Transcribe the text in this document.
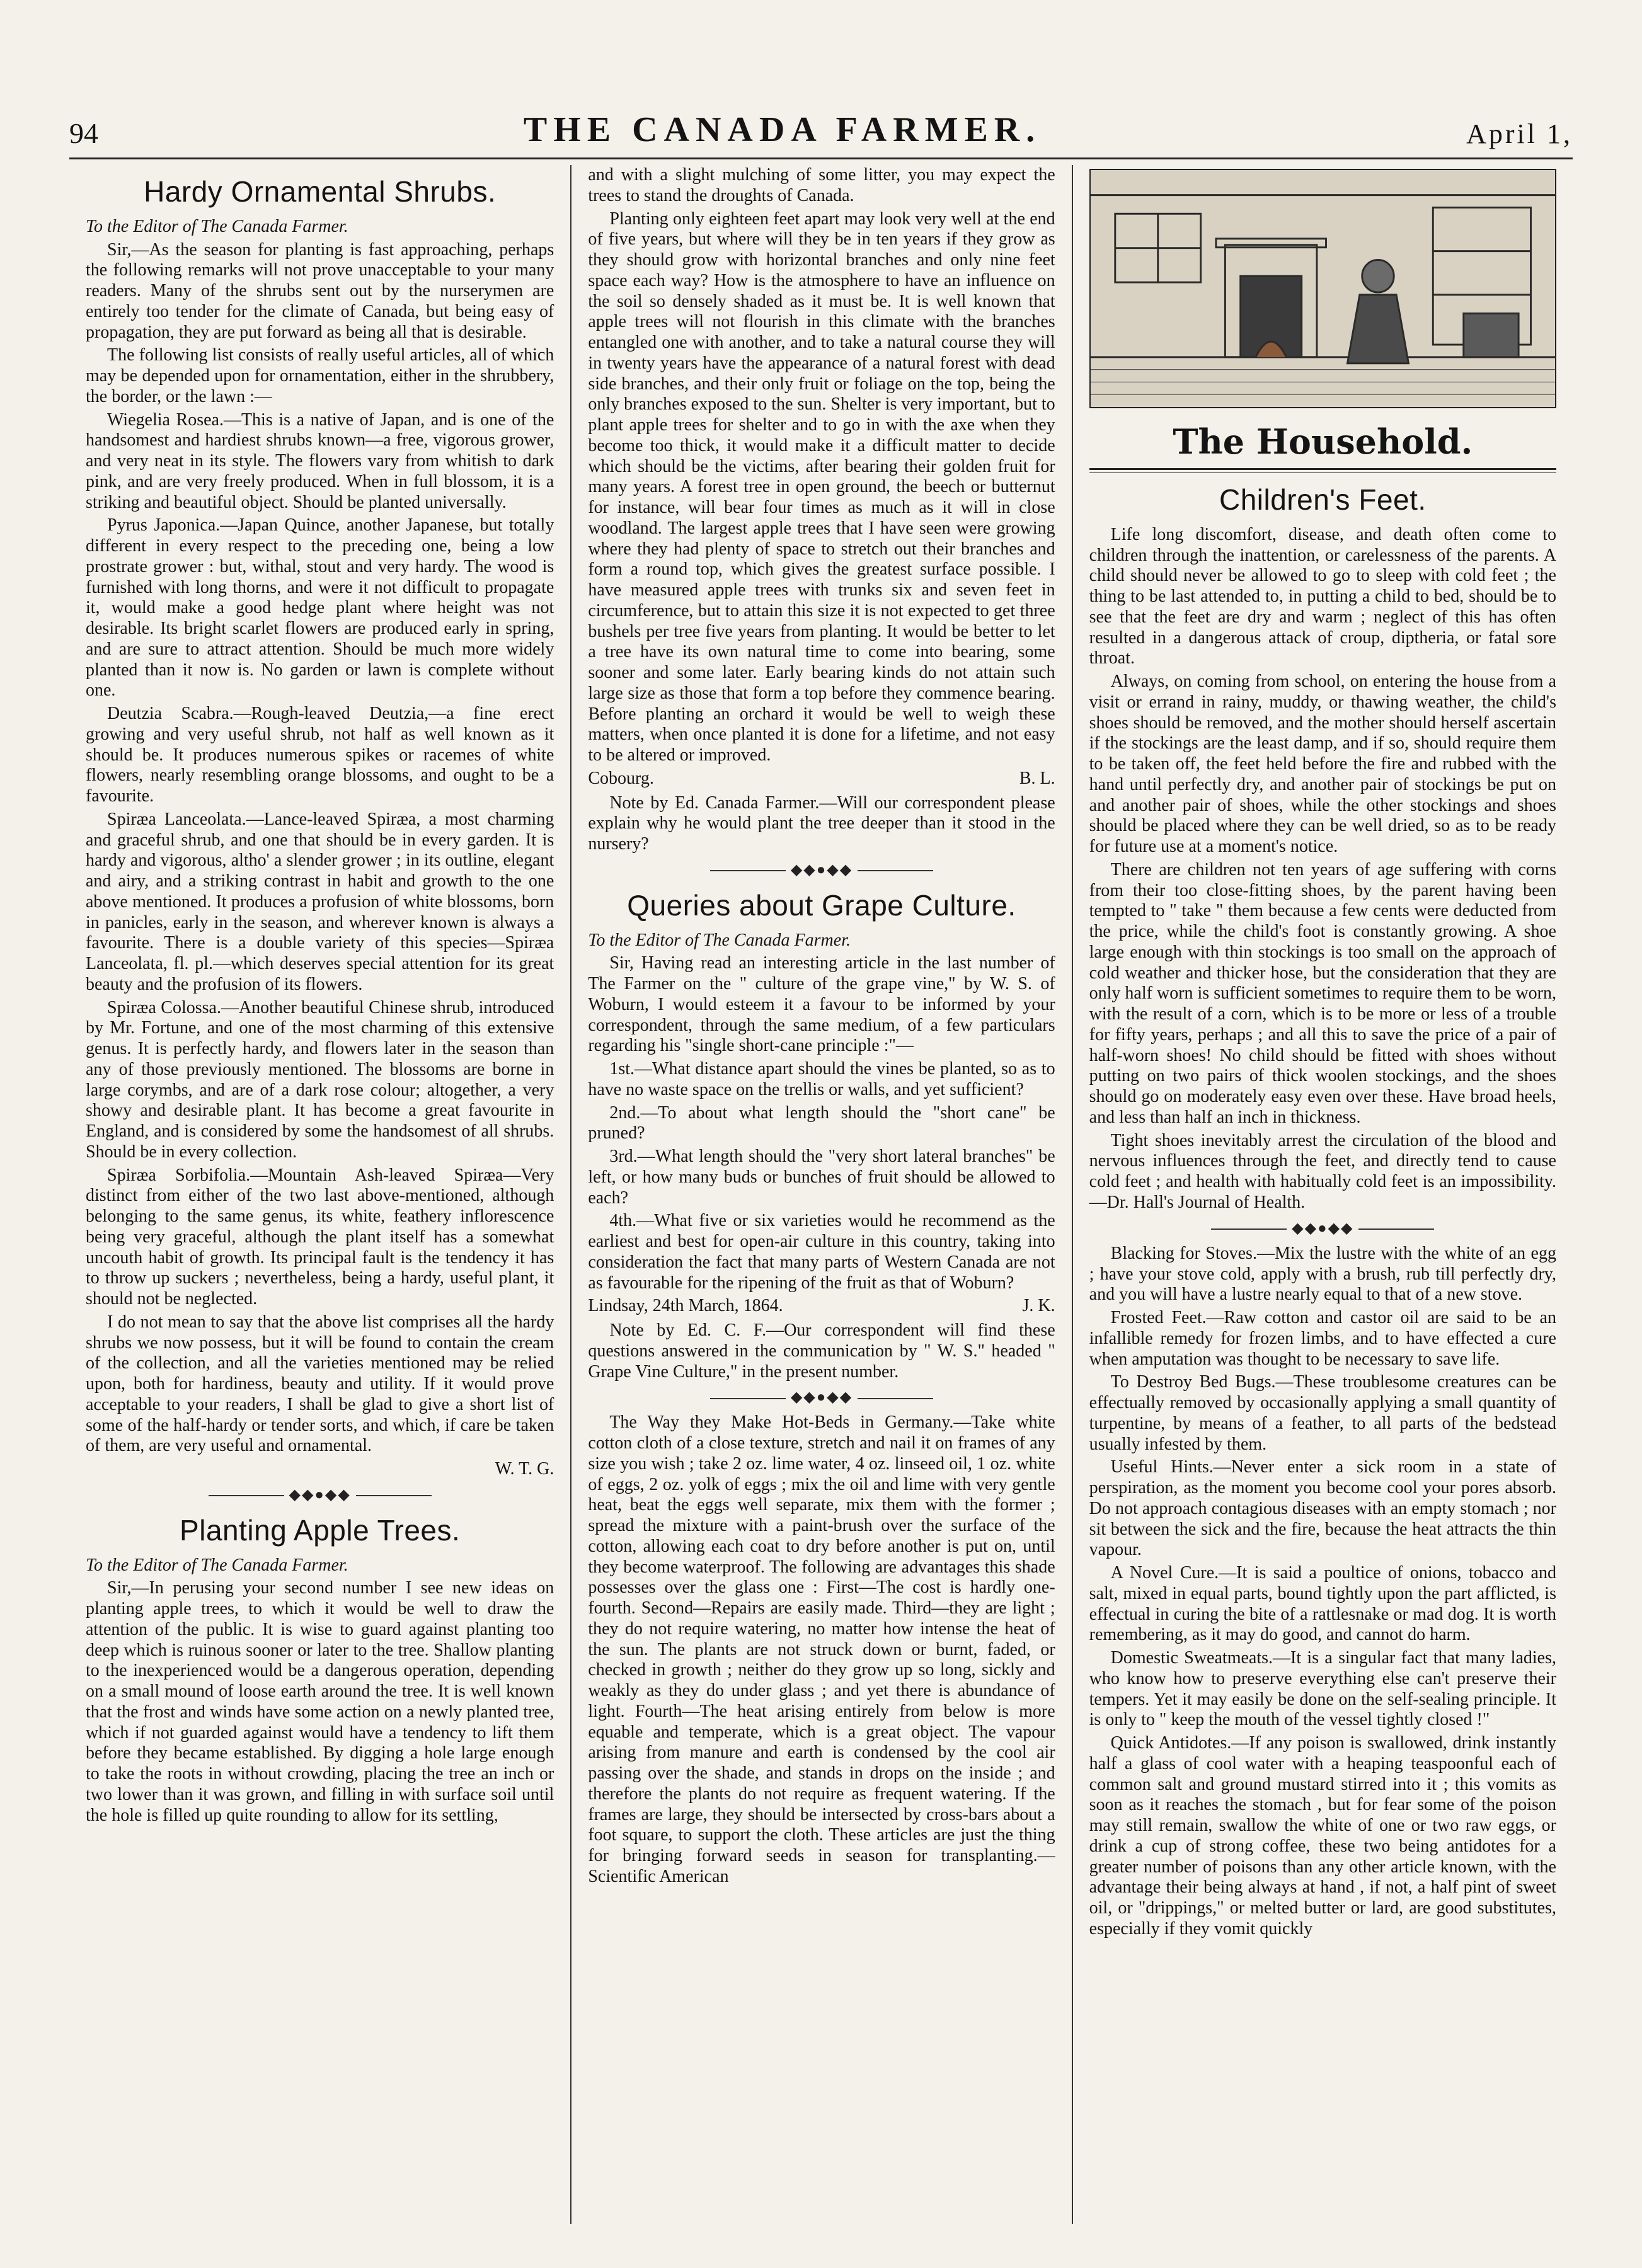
94	THE CANADA FARMER.	April 1,
Hardy Ornamental Shrubs.

To the Editor of The Canada Farmer.

Sir,—As the season for planting is fast approaching, perhaps the following remarks will not prove unacceptable to your many readers. Many of the shrubs sent out by the nurserymen are entirely too tender for the climate of Canada, but being easy of propagation, they are put forward as being all that is desirable.

The following list consists of really useful articles, all of which may be depended upon for ornamentation, either in the shrubbery, the border, or the lawn :—

Wiegelia Rosea.—This is a native of Japan, and is one of the handsomest and hardiest shrubs known—a free, vigorous grower, and very neat in its style. The flowers vary from whitish to dark pink, and are very freely produced. When in full blossom, it is a striking and beautiful object. Should be planted universally.

Pyrus Japonica.—Japan Quince, another Japanese, but totally different in every respect to the preceding one, being a low prostrate grower : but, withal, stout and very hardy. The wood is furnished with long thorns, and were it not difficult to propagate it, would make a good hedge plant where height was not desirable. Its bright scarlet flowers are produced early in spring, and are sure to attract attention. Should be much more widely planted than it now is. No garden or lawn is complete without one.

Deutzia Scabra.—Rough-leaved Deutzia,—a fine erect growing and very useful shrub, not half as well known as it should be. It produces numerous spikes or racemes of white flowers, nearly resembling orange blossoms, and ought to be a favourite.

Spiræa Lanceolata.—Lance-leaved Spiræa, a most charming and graceful shrub, and one that should be in every garden. It is hardy and vigorous, altho' a slender grower ; in its outline, elegant and airy, and a striking contrast in habit and growth to the one above mentioned. It produces a profusion of white blossoms, born in panicles, early in the season, and wherever known is always a favourite. There is a double variety of this species—Spiræa Lanceolata, fl. pl.—which deserves special attention for its great beauty and the profusion of its flowers.

Spiræa Colossa.—Another beautiful Chinese shrub, introduced by Mr. Fortune, and one of the most charming of this extensive genus. It is perfectly hardy, and flowers later in the season than any of those previously mentioned. The blossoms are borne in large corymbs, and are of a dark rose colour; altogether, a very showy and desirable plant. It has become a great favourite in England, and is considered by some the handsomest of all shrubs. Should be in every collection.

Spiræa Sorbifolia.—Mountain Ash-leaved Spiræa—Very distinct from either of the two last above-mentioned, although belonging to the same genus, its white, feathery inflorescence being very graceful, although the plant itself has a somewhat uncouth habit of growth. Its principal fault is the tendency it has to throw up suckers ; nevertheless, being a hardy, useful plant, it should not be neglected.

I do not mean to say that the above list comprises all the hardy shrubs we now possess, but it will be found to contain the cream of the collection, and all the varieties mentioned may be relied upon, both for hardiness, beauty and utility. If it would prove acceptable to your readers, I shall be glad to give a short list of some of the half-hardy or tender sorts, and which, if care be taken of them, are very useful and ornamental.

W. T. G.
◆◆●◆◆
Planting Apple Trees.

To the Editor of The Canada Farmer.

Sir,—In perusing your second number I see new ideas on planting apple trees, to which it would be well to draw the attention of the public. It is wise to guard against planting too deep which is ruinous sooner or later to the tree. Shallow planting to the inexperienced would be a dangerous operation, depending on a small mound of loose earth around the tree. It is well known that the frost and winds have some action on a newly planted tree, which if not guarded against would have a tendency to lift them before they became established. By digging a hole large enough to take the roots in without crowding, placing the tree an inch or two lower than it was grown, and filling in with surface soil until the hole is filled up quite rounding to allow for its settling,

and with a slight mulching of some litter, you may expect the trees to stand the droughts of Canada.

Planting only eighteen feet apart may look very well at the end of five years, but where will they be in ten years if they grow as they should grow with horizontal branches and only nine feet space each way? How is the atmosphere to have an influence on the soil so densely shaded as it must be. It is well known that apple trees will not flourish in this climate with the branches entangled one with another, and to take a natural course they will in twenty years have the appearance of a natural forest with dead side branches, and their only fruit or foliage on the top, being the only branches exposed to the sun. Shelter is very important, but to plant apple trees for shelter and to go in with the axe when they become too thick, it would make it a difficult matter to decide which should be the victims, after bearing their golden fruit for many years. A forest tree in open ground, the beech or butternut for instance, will bear four times as much as it will in close woodland. The largest apple trees that I have seen were growing where they had plenty of space to stretch out their branches and form a round top, which gives the greatest surface possible. I have measured apple trees with trunks six and seven feet in circumference, but to attain this size it is not expected to get three bushels per tree five years from planting. It would be better to let a tree have its own natural time to come into bearing, some sooner and some later. Early bearing kinds do not attain such large size as those that form a top before they commence bearing. Before planting an orchard it would be well to weigh these matters, when once planted it is done for a lifetime, and not easy to be altered or improved.

Cobourg.	B. L.

Note by Ed. Canada Farmer.—Will our correspondent please explain why he would plant the tree deeper than it stood in the nursery?

◆◆●◆◆
Queries about Grape Culture.

To the Editor of The Canada Farmer.

Sir, Having read an interesting article in the last number of The Farmer on the " culture of the grape vine," by W. S. of Woburn, I would esteem it a favour to be informed by your correspondent, through the same medium, of a few particulars regarding his "single short-cane principle :"—

1st.—What distance apart should the vines be planted, so as to have no waste space on the trellis or walls, and yet sufficient?

2nd.—To about what length should the "short cane" be pruned?

3rd.—What length should the "very short lateral branches" be left, or how many buds or bunches of fruit should be allowed to each?

4th.—What five or six varieties would he recommend as the earliest and best for open-air culture in this country, taking into consideration the fact that many parts of Western Canada are not as favourable for the ripening of the fruit as that of Woburn?

Lindsay, 24th March, 1864.	J. K.

Note by Ed. C. F.—Our correspondent will find these questions answered in the communication by " W. S." headed " Grape Vine Culture," in the present number.

◆◆●◆◆

The Way they Make Hot-Beds in Germany.—Take white cotton cloth of a close texture, stretch and nail it on frames of any size you wish ; take 2 oz. lime water, 4 oz. linseed oil, 1 oz. white of eggs, 2 oz. yolk of eggs ; mix the oil and lime with very gentle heat, beat the eggs well separate, mix them with the former ; spread the mixture with a paint-brush over the surface of the cotton, allowing each coat to dry before another is put on, until they become waterproof. The following are advantages this shade possesses over the glass one : First—The cost is hardly one-fourth. Second—Repairs are easily made. Third—they are light ; they do not require watering, no matter how intense the heat of the sun. The plants are not struck down or burnt, faded, or checked in growth ; neither do they grow up so long, sickly and weakly as they do under glass ; and yet there is abundance of light. Fourth—The heat arising entirely from below is more equable and temperate, which is a great object. The vapour arising from manure and earth is condensed by the cool air passing over the shade, and stands in drops on the inside ; and therefore the plants do not require as frequent watering. If the frames are large, they should be intersected by cross-bars about a foot square, to support the cloth. These articles are just the thing for bringing forward seeds in season for transplanting.—Scientific American

The Household.
Children's Feet.

Life long discomfort, disease, and death often come to children through the inattention, or carelessness of the parents. A child should never be allowed to go to sleep with cold feet ; the thing to be last attended to, in putting a child to bed, should be to see that the feet are dry and warm ; neglect of this has often resulted in a dangerous attack of croup, diptheria, or fatal sore throat.

Always, on coming from school, on entering the house from a visit or errand in rainy, muddy, or thawing weather, the child's shoes should be removed, and the mother should herself ascertain if the stockings are the least damp, and if so, should require them to be taken off, the feet held before the fire and rubbed with the hand until perfectly dry, and another pair of stockings be put on and another pair of shoes, while the other stockings and shoes should be placed where they can be well dried, so as to be ready for future use at a moment's notice.

There are children not ten years of age suffering with corns from their too close-fitting shoes, by the parent having been tempted to " take " them because a few cents were deducted from the price, while the child's foot is constantly growing. A shoe large enough with thin stockings is too small on the approach of cold weather and thicker hose, but the consideration that they are only half worn is sufficient sometimes to require them to be worn, with the result of a corn, which is to be more or less of a trouble for fifty years, perhaps ; and all this to save the price of a pair of half-worn shoes! No child should be fitted with shoes without putting on two pairs of thick woolen stockings, and the shoes should go on moderately easy even over these. Have broad heels, and less than half an inch in thickness.

Tight shoes inevitably arrest the circulation of the blood and nervous influences through the feet, and directly tend to cause cold feet ; and health with habitually cold feet is an impossibility.—Dr. Hall's Journal of Health.

◆◆●◆◆

Blacking for Stoves.—Mix the lustre with the white of an egg ; have your stove cold, apply with a brush, rub till perfectly dry, and you will have a lustre nearly equal to that of a new stove.

Frosted Feet.—Raw cotton and castor oil are said to be an infallible remedy for frozen limbs, and to have effected a cure when amputation was thought to be necessary to save life.

To Destroy Bed Bugs.—These troublesome creatures can be effectually removed by occasionally applying a small quantity of turpentine, by means of a feather, to all parts of the bedstead usually infested by them.

Useful Hints.—Never enter a sick room in a state of perspiration, as the moment you become cool your pores absorb. Do not approach contagious diseases with an empty stomach ; nor sit between the sick and the fire, because the heat attracts the thin vapour.

A Novel Cure.—It is said a poultice of onions, tobacco and salt, mixed in equal parts, bound tightly upon the part afflicted, is effectual in curing the bite of a rattlesnake or mad dog. It is worth remembering, as it may do good, and cannot do harm.

Domestic Sweatmeats.—It is a singular fact that many ladies, who know how to preserve everything else can't preserve their tempers. Yet it may easily be done on the self-sealing principle. It is only to " keep the mouth of the vessel tightly closed !"

Quick Antidotes.—If any poison is swallowed, drink instantly half a glass of cool water with a heaping teaspoonful each of common salt and ground mustard stirred into it ; this vomits as soon as it reaches the stomach , but for fear some of the poison may still remain, swallow the white of one or two raw eggs, or drink a cup of strong coffee, these two being antidotes for a greater number of poisons than any other article known, with the advantage their being always at hand , if not, a half pint of sweet oil, or "drippings," or melted butter or lard, are good substitutes, especially if they vomit quickly
